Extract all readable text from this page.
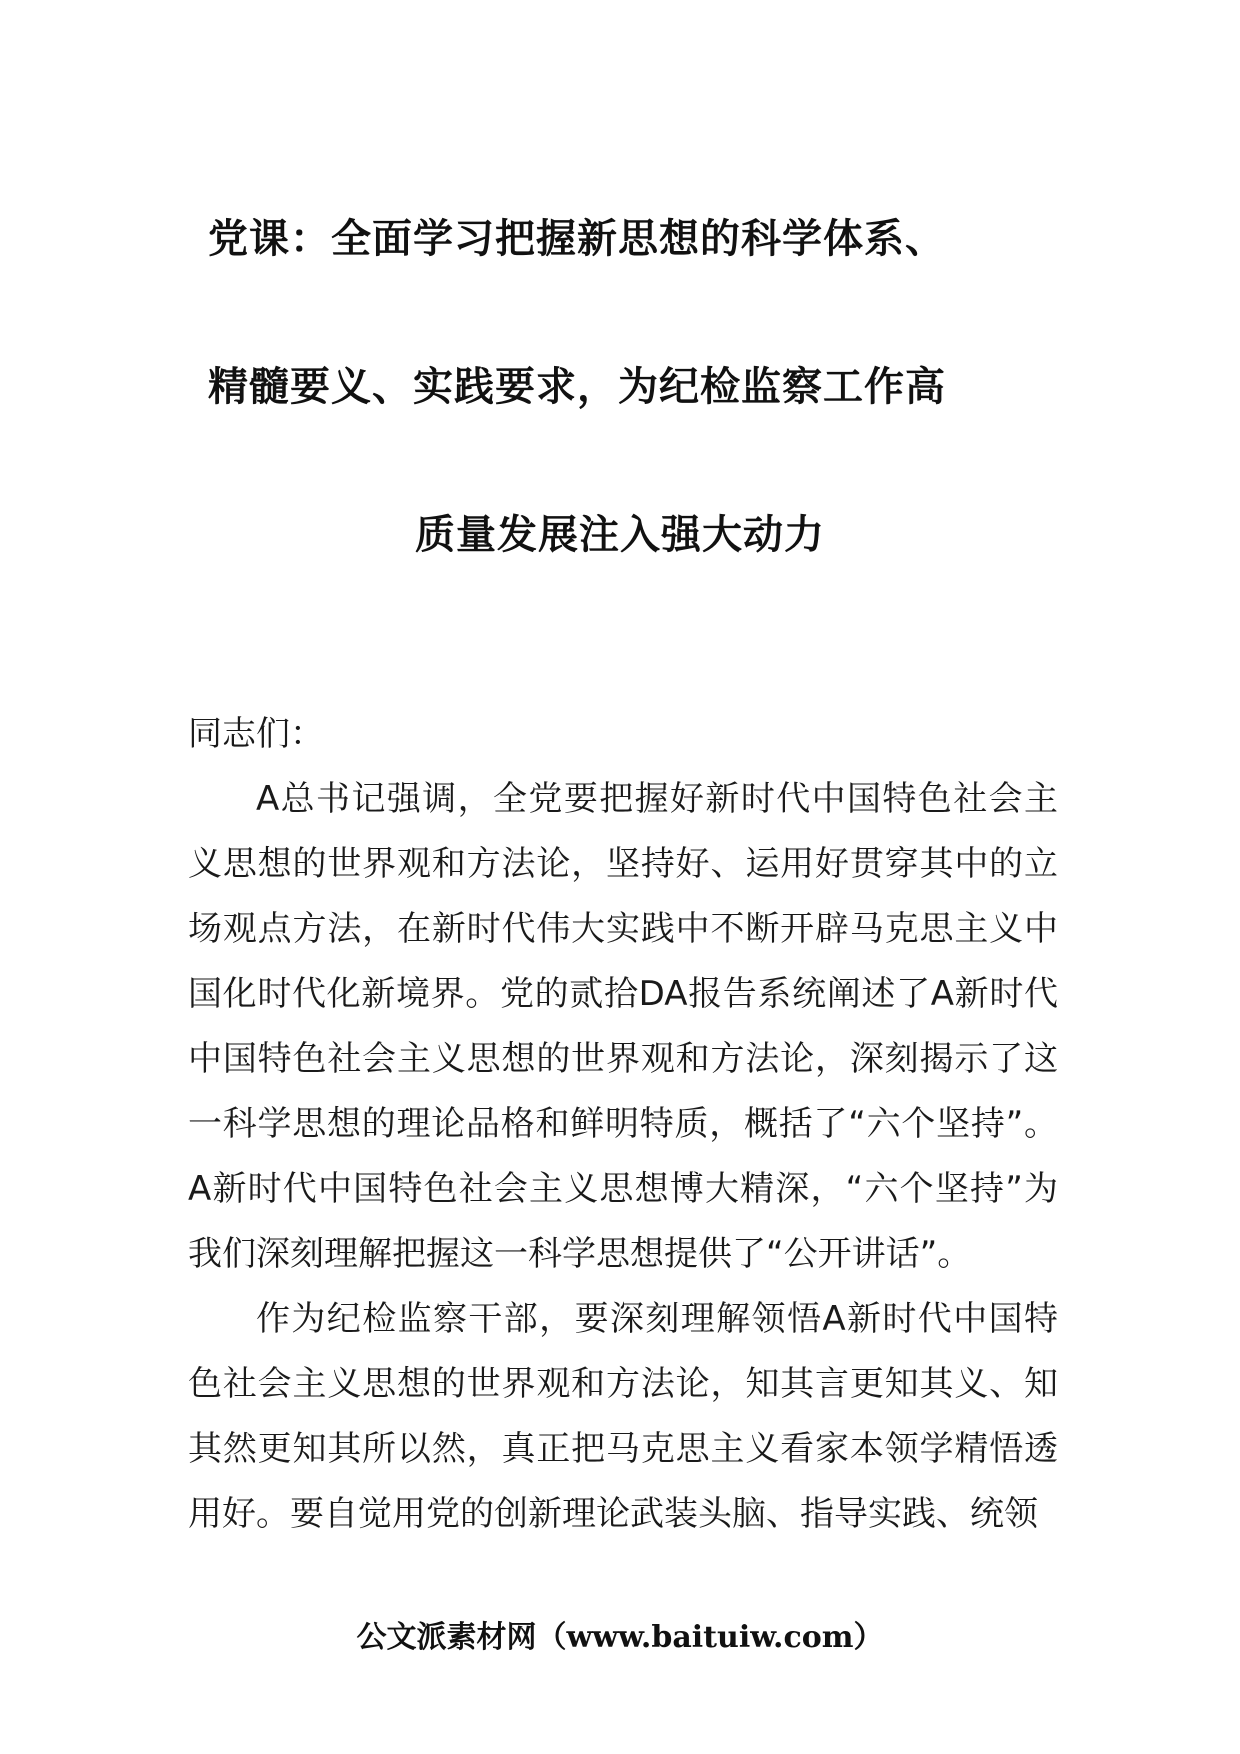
党课：全面学习把握新思想的科学体系、
精髓要义、实践要求，为纪检监察工作高
质量发展注入强大动力

同志们：

A总书记强调，全党要把握好新时代中国特色社会主义思想的世界观和方法论，坚持好、运用好贯穿其中的立场观点方法，在新时代伟大实践中不断开辟马克思主义中国化时代化新境界。党的贰拾DA报告系统阐述了A新时代中国特色社会主义思想的世界观和方法论，深刻揭示了这一科学思想的理论品格和鲜明特质，概括了“六个坚持”。A新时代中国特色社会主义思想博大精深，“六个坚持”为我们深刻理解把握这一科学思想提供了“公开讲话”。

作为纪检监察干部，要深刻理解领悟A新时代中国特色社会主义思想的世界观和方法论，知其言更知其义、知其然更知其所以然，真正把马克思主义看家本领学精悟透用好。要自觉用党的创新理论武装头脑、指导实践、统领

公文派素材网（www.baituiw.com）
